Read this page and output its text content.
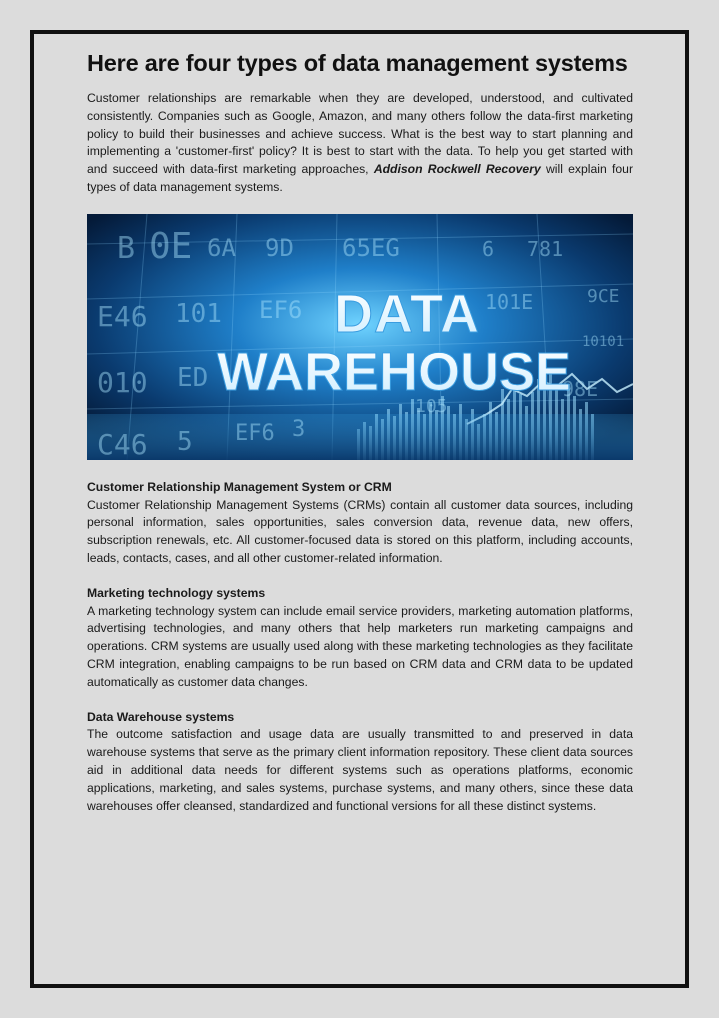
Here are four types of data management systems

Customer relationships are remarkable when they are developed, understood, and cultivated consistently. Companies such as Google, Amazon, and many others follow the data-first marketing policy to build their businesses and achieve success. What is the best way to start planning and implementing a 'customer-first' policy? It is best to start with the data. To help you get started with and succeed with data-first marketing approaches, Addison Rockwell Recovery will explain four types of data management systems.

B 0E 6A 9D 65EG	6 781
E46 101 EF6	101E	9CE
010 ED
10101
98E
105
C46 5 EF6 3
DATA
WAREHOUSE
Customer Relationship Management System or CRM

Customer Relationship Management Systems (CRMs) contain all customer data sources, including personal information, sales opportunities, sales conversion data, revenue data, new offers, subscription renewals, etc. All customer-focused data is stored on this platform, including accounts, leads, contacts, cases, and all other customer-related information.

Marketing technology systems

A marketing technology system can include email service providers, marketing automation platforms, advertising technologies, and many others that help marketers run marketing campaigns and operations. CRM systems are usually used along with these marketing technologies as they facilitate CRM integration, enabling campaigns to be run based on CRM data and CRM data to be updated automatically as customer data changes.

Data Warehouse systems

The outcome satisfaction and usage data are usually transmitted to and preserved in data warehouse systems that serve as the primary client information repository. These client data sources aid in additional data needs for different systems such as operations platforms, economic applications, marketing, and sales systems, purchase systems, and many others, since these data warehouses offer cleansed, standardized and functional versions for all these distinct systems.
